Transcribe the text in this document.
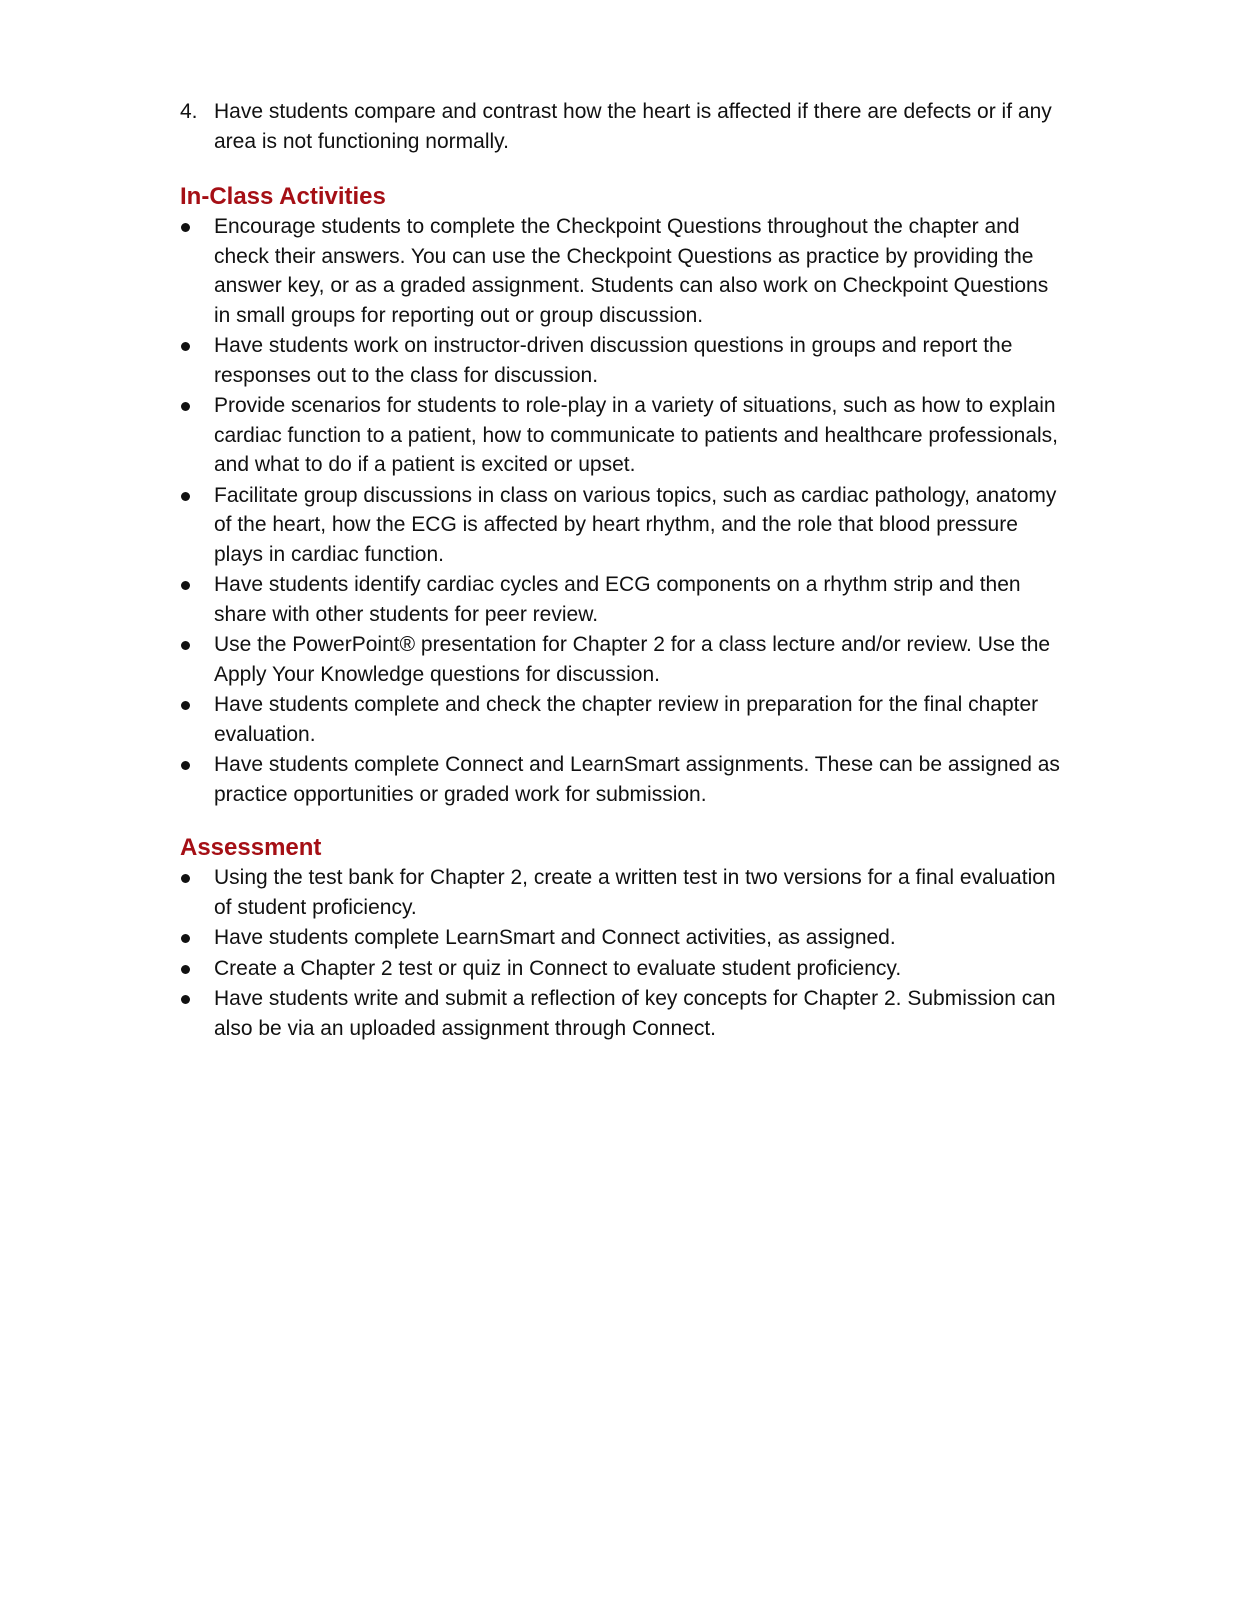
4. Have students compare and contrast how the heart is affected if there are defects or if any area is not functioning normally.

In-Class Activities

Encourage students to complete the Checkpoint Questions throughout the chapter and check their answers. You can use the Checkpoint Questions as practice by providing the answer key, or as a graded assignment. Students can also work on Checkpoint Questions in small groups for reporting out or group discussion.

Have students work on instructor-driven discussion questions in groups and report the responses out to the class for discussion.

Provide scenarios for students to role-play in a variety of situations, such as how to explain cardiac function to a patient, how to communicate to patients and healthcare professionals, and what to do if a patient is excited or upset.

Facilitate group discussions in class on various topics, such as cardiac pathology, anatomy of the heart, how the ECG is affected by heart rhythm, and the role that blood pressure plays in cardiac function.

Have students identify cardiac cycles and ECG components on a rhythm strip and then share with other students for peer review.

Use the PowerPoint® presentation for Chapter 2 for a class lecture and/or review. Use the Apply Your Knowledge questions for discussion.

Have students complete and check the chapter review in preparation for the final chapter evaluation.

Have students complete Connect and LearnSmart assignments. These can be assigned as practice opportunities or graded work for submission.

Assessment

Using the test bank for Chapter 2, create a written test in two versions for a final evaluation of student proficiency.

Have students complete LearnSmart and Connect activities, as assigned.

Create a Chapter 2 test or quiz in Connect to evaluate student proficiency.

Have students write and submit a reflection of key concepts for Chapter 2. Submission can also be via an uploaded assignment through Connect.
